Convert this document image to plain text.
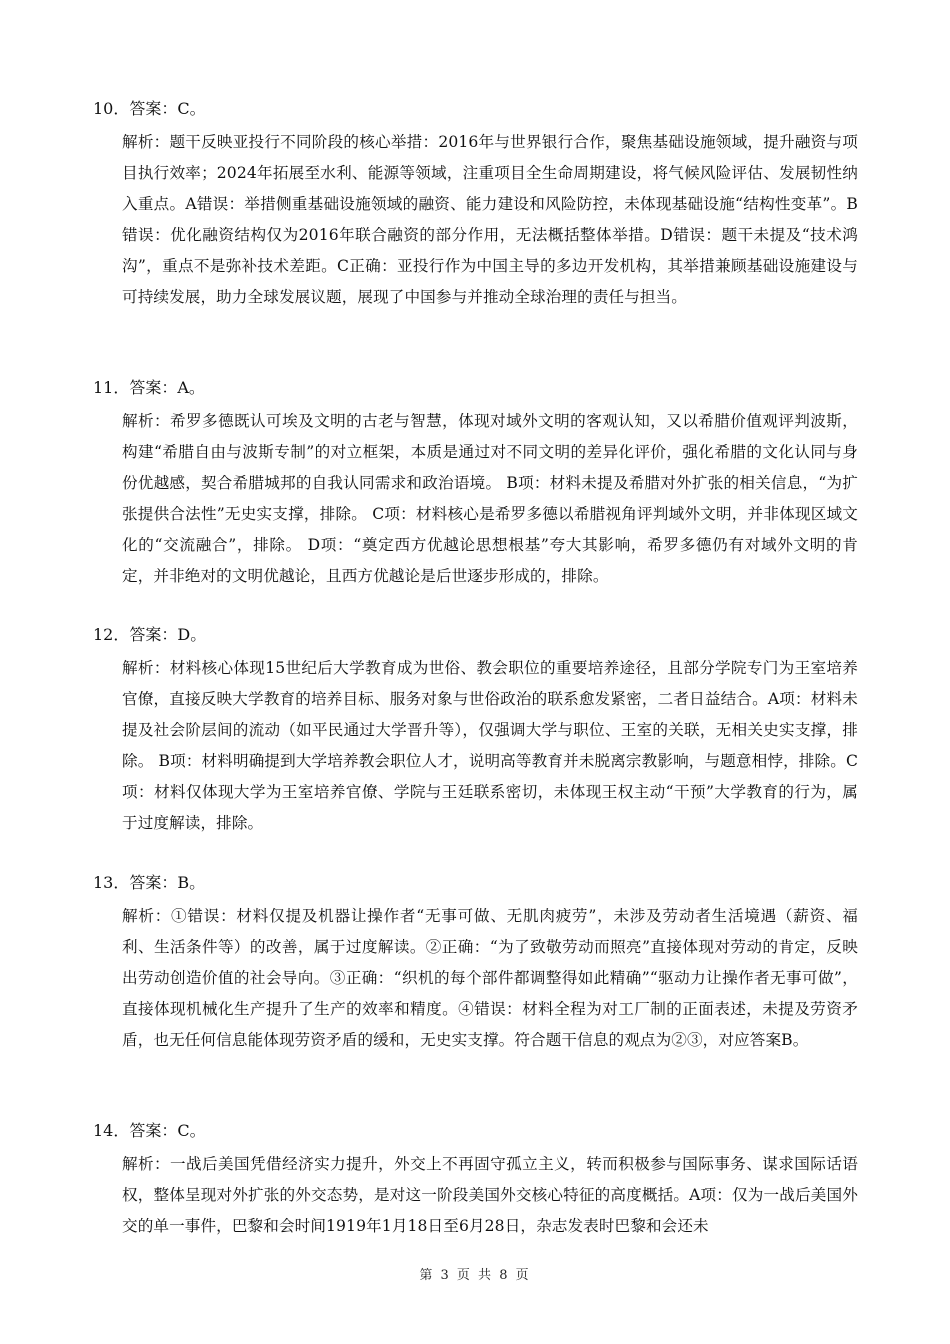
10．答案：C。
解析：题干反映亚投行不同阶段的核心举措：2016年与世界银行合作，聚焦基础设施领域，提升融资与项目执行效率；2024年拓展至水利、能源等领域，注重项目全生命周期建设，将气候风险评估、发展韧性纳入重点。A错误：举措侧重基础设施领域的融资、能力建设和风险防控，未体现基础设施“结构性变革”。B错误：优化融资结构仅为2016年联合融资的部分作用，无法概括整体举措。D错误：题干未提及“技术鸿沟”，重点不是弥补技术差距。C正确：亚投行作为中国主导的多边开发机构，其举措兼顾基础设施建设与可持续发展，助力全球发展议题，展现了中国参与并推动全球治理的责任与担当。
11．答案：A。
解析：希罗多德既认可埃及文明的古老与智慧，体现对域外文明的客观认知，又以希腊价值观评判波斯，构建“希腊自由与波斯专制”的对立框架，本质是通过对不同文明的差异化评价，强化希腊的文化认同与身份优越感，契合希腊城邦的自我认同需求和政治语境。 B项：材料未提及希腊对外扩张的相关信息，“为扩张提供合法性”无史实支撑，排除。 C项：材料核心是希罗多德以希腊视角评判域外文明，并非体现区域文化的“交流融合”，排除。 D项：“奠定西方优越论思想根基”夸大其影响，希罗多德仍有对域外文明的肯定，并非绝对的文明优越论，且西方优越论是后世逐步形成的，排除。
12．答案：D。
解析：材料核心体现15世纪后大学教育成为世俗、教会职位的重要培养途径，且部分学院专门为王室培养官僚，直接反映大学教育的培养目标、服务对象与世俗政治的联系愈发紧密，二者日益结合。A项：材料未提及社会阶层间的流动（如平民通过大学晋升等），仅强调大学与职位、王室的关联，无相关史实支撑，排除。 B项：材料明确提到大学培养教会职位人才，说明高等教育并未脱离宗教影响，与题意相悖，排除。C项：材料仅体现大学为王室培养官僚、学院与王廷联系密切，未体现王权主动“干预”大学教育的行为，属于过度解读，排除。
13．答案：B。
解析：①错误：材料仅提及机器让操作者“无事可做、无肌肉疲劳”，未涉及劳动者生活境遇（薪资、福利、生活条件等）的改善，属于过度解读。②正确：“为了致敬劳动而照亮”直接体现对劳动的肯定，反映出劳动创造价值的社会导向。③正确：“织机的每个部件都调整得如此精确”“驱动力让操作者无事可做”，直接体现机械化生产提升了生产的效率和精度。④错误：材料全程为对工厂制的正面表述，未提及劳资矛盾，也无任何信息能体现劳资矛盾的缓和，无史实支撑。符合题干信息的观点为②③，对应答案B。
14．答案：C。
解析：一战后美国凭借经济实力提升，外交上不再固守孤立主义，转而积极参与国际事务、谋求国际话语权，整体呈现对外扩张的外交态势，是对这一阶段美国外交核心特征的高度概括。A项：仅为一战后美国外交的单一事件，巴黎和会时间1919年1月18日至6月28日，杂志发表时巴黎和会还未
第 3 页 共 8 页
